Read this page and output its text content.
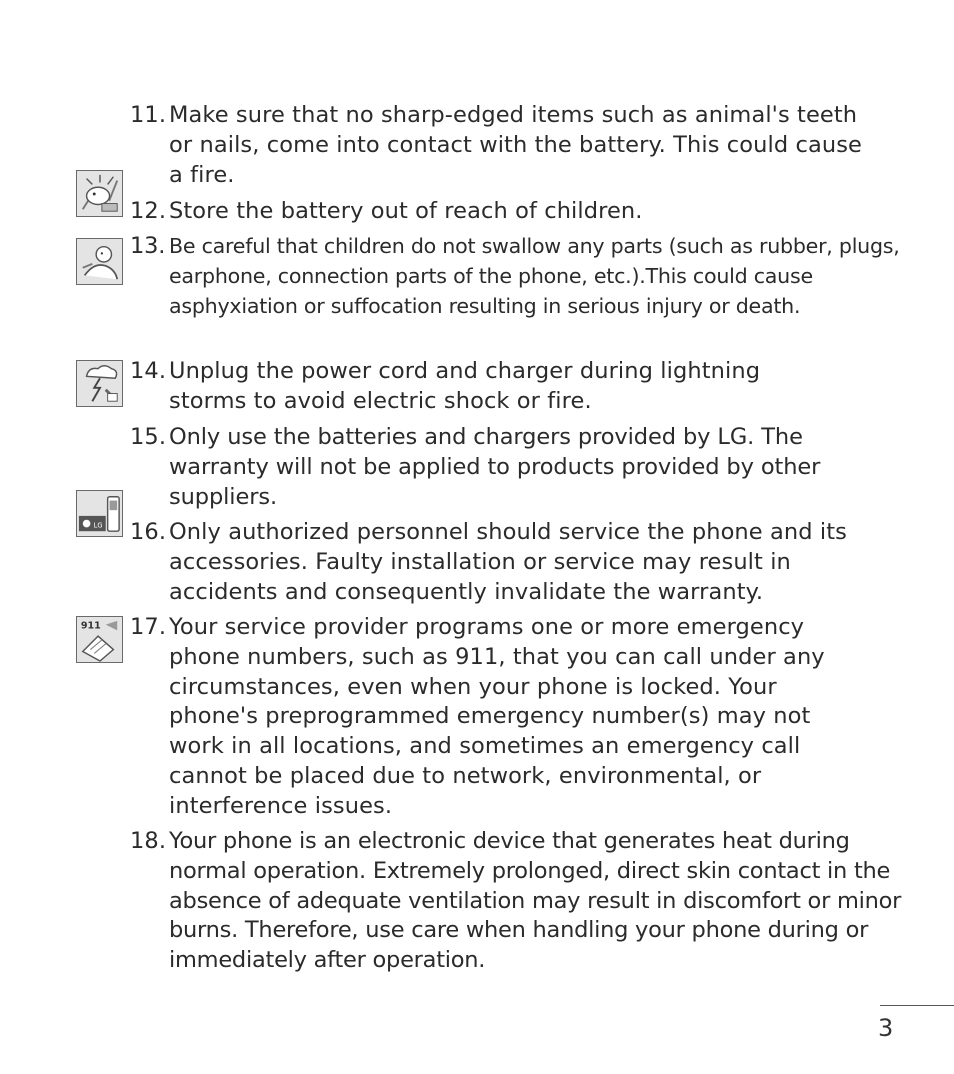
11. Make sure that no sharp-edged items such as animal's teeth or nails, come into contact with the battery. This could cause a fire.
12. Store the battery out of reach of children.
13. Be careful that children do not swallow any parts (such as rubber, plugs, earphone, connection parts of the phone, etc.).This could cause asphyxiation or suffocation resulting in serious injury or death.
14. Unplug the power cord and charger during lightning storms to avoid electric shock or fire.
15. Only use the batteries and chargers provided by LG. The warranty will not be applied to products provided by other suppliers.
16. Only authorized personnel should service the phone and its accessories. Faulty installation or service may result in accidents and consequently invalidate the warranty.
17. Your service provider programs one or more emergency phone numbers, such as 911, that you can call under any circumstances, even when your phone is locked. Your phone's preprogrammed emergency number(s) may not work in all locations, and sometimes an emergency call cannot be placed due to network, environmental, or interference issues.
18. Your phone is an electronic device that generates heat during normal operation. Extremely prolonged, direct skin contact in the absence of adequate ventilation may result in discomfort or minor burns. Therefore, use care when handling your phone during or immediately after operation.
LG
911
3
